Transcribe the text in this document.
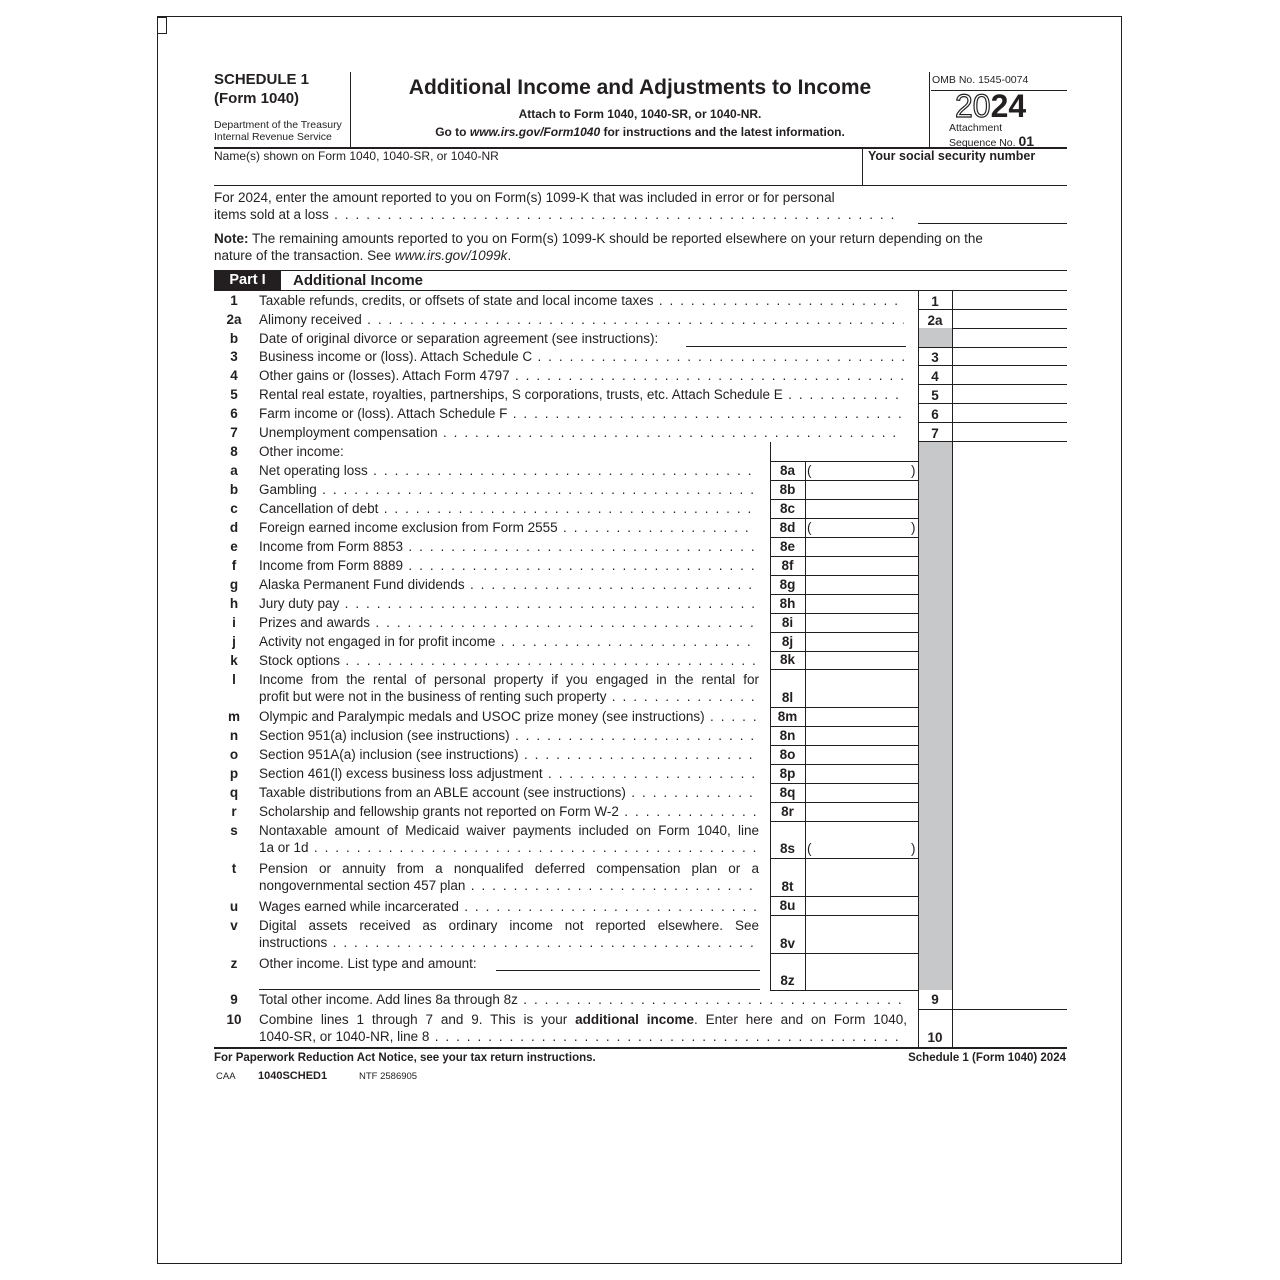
SCHEDULE 1
(Form 1040)
Department of the Treasury
Internal Revenue Service
Additional Income and Adjustments to Income
Attach to Form 1040, 1040-SR, or 1040-NR.
Go to www.irs.gov/Form1040 for instructions and the latest information.
OMB No. 1545-0074
2024
Attachment
Sequence No. 01
Name(s) shown on Form 1040, 1040-SR, or 1040-NR	Your social security number
For 2024, enter the amount reported to you on Form(s) 1099-K that was included in error or for personal
items sold at a loss . . .
Note: The remaining amounts reported to you on Form(s) 1099-K should be reported elsewhere on your return depending on the
nature of the transaction. See www.irs.gov/1099k.
Part I	Additional Income
1	Taxable refunds, credits, or offsets of state and local income taxes . . .	1
2a	Alimony received . . .	2a
b	Date of original divorce or separation agreement (see instructions):
3	Business income or (loss). Attach Schedule C . . .	3
4	Other gains or (losses). Attach Form 4797 . . .	4
5	Rental real estate, royalties, partnerships, S corporations, trusts, etc. Attach Schedule E . . .	5
6	Farm income or (loss). Attach Schedule F . . .	6
7	Unemployment compensation . . .	7
8	Other income:
a	Net operating loss . . .	8a (	)
b	Gambling . . .	8b
c	Cancellation of debt . . .	8c
d	Foreign earned income exclusion from Form 2555 . . .	8d (	)
e	Income from Form 8853 . . .	8e
f	Income from Form 8889 . . .	8f
g	Alaska Permanent Fund dividends . . .	8g
h	Jury duty pay . . .	8h
i	Prizes and awards . . .	8i
j	Activity not engaged in for profit income . . .	8j
k	Stock options . . .	8k
l	Income from the rental of personal property if you engaged in the rental for
profit but were not in the business of renting such property . . .	8l
m	Olympic and Paralympic medals and USOC prize money (see instructions) . . .	8m
n	Section 951(a) inclusion (see instructions) . . .	8n
o	Section 951A(a) inclusion (see instructions) . . .	8o
p	Section 461(l) excess business loss adjustment . . .	8p
q	Taxable distributions from an ABLE account (see instructions) . . .	8q
r	Scholarship and fellowship grants not reported on Form W-2 . . .	8r
s	Nontaxable amount of Medicaid waiver payments included on Form 1040, line
1a or 1d . . .	8s (	)
t	Pension or annuity from a nonqualifed deferred compensation plan or a
nongovernmental section 457 plan . . .	8t
u	Wages earned while incarcerated . . .	8u
v	Digital assets received as ordinary income not reported elsewhere. See
instructions . . .	8v
z	Other income. List type and amount:
8z
9	Total other income. Add lines 8a through 8z . . .	9
10	Combine lines 1 through 7 and 9. This is your additional income. Enter here and on Form 1040,
1040-SR, or 1040-NR, line 8 . . .	10
For Paperwork Reduction Act Notice, see your tax return instructions.	Schedule 1 (Form 1040) 2024
CAA 1040SCHED1	NTF 2586905
